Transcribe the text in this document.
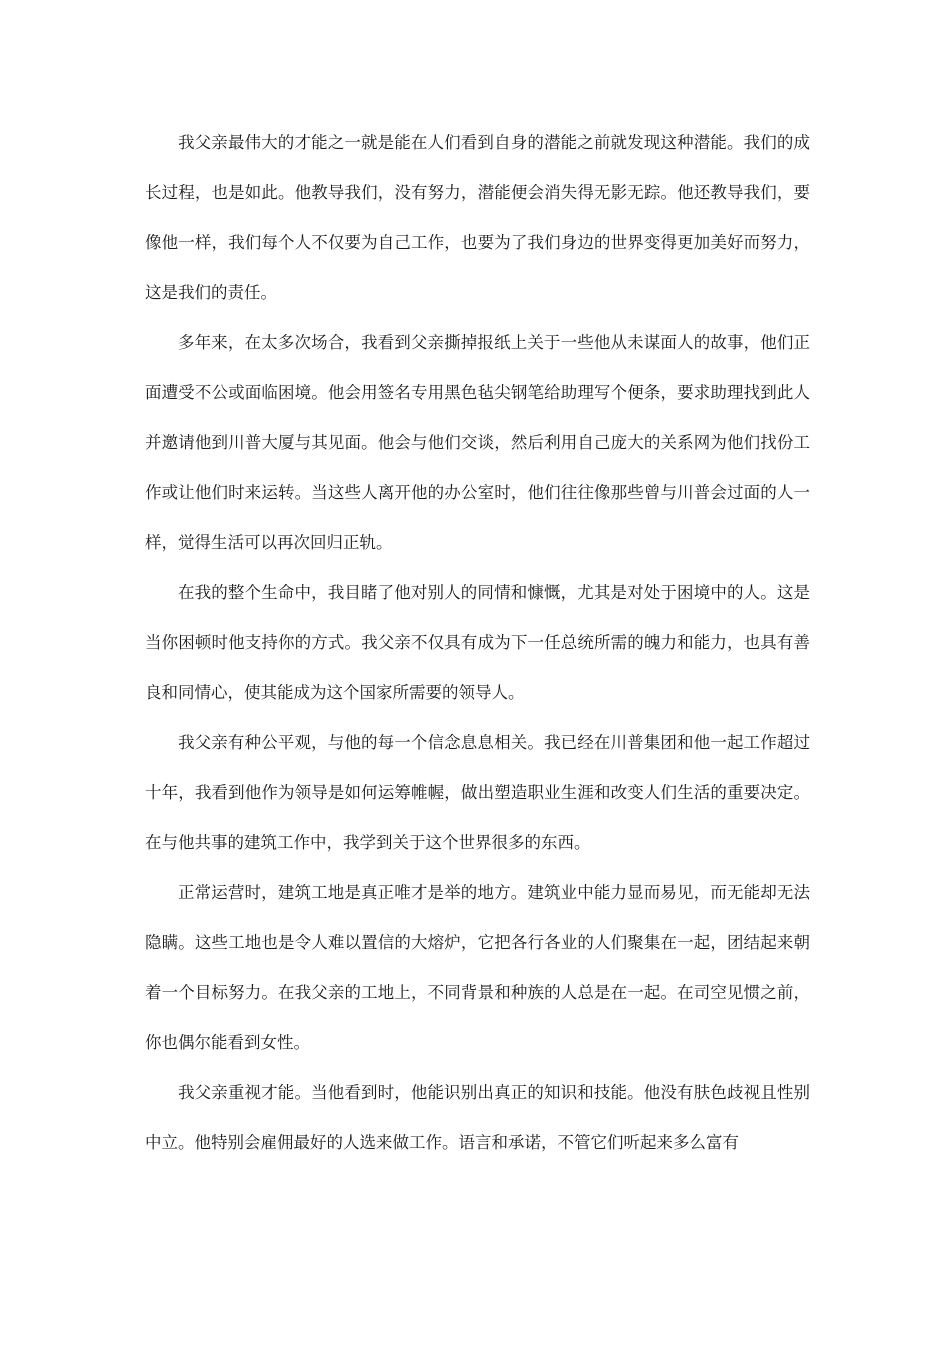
我父亲最伟大的才能之一就是能在人们看到自身的潜能之前就发现这种潜能。我们的成长过程，也是如此。他教导我们，没有努力，潜能便会消失得无影无踪。他还教导我们，要像他一样，我们每个人不仅要为自己工作，也要为了我们身边的世界变得更加美好而努力，这是我们的责任。

多年来，在太多次场合，我看到父亲撕掉报纸上关于一些他从未谋面人的故事，他们正面遭受不公或面临困境。他会用签名专用黑色毡尖钢笔给助理写个便条，要求助理找到此人并邀请他到川普大厦与其见面。他会与他们交谈，然后利用自己庞大的关系网为他们找份工作或让他们时来运转。当这些人离开他的办公室时，他们往往像那些曾与川普会过面的人一样，觉得生活可以再次回归正轨。

在我的整个生命中，我目睹了他对别人的同情和慷慨，尤其是对处于困境中的人。这是当你困顿时他支持你的方式。我父亲不仅具有成为下一任总统所需的魄力和能力，也具有善良和同情心，使其能成为这个国家所需要的领导人。

我父亲有种公平观，与他的每一个信念息息相关。我已经在川普集团和他一起工作超过十年，我看到他作为领导是如何运筹帷幄，做出塑造职业生涯和改变人们生活的重要决定。在与他共事的建筑工作中，我学到关于这个世界很多的东西。

正常运营时，建筑工地是真正唯才是举的地方。建筑业中能力显而易见，而无能却无法隐瞒。这些工地也是令人难以置信的大熔炉，它把各行各业的人们聚集在一起，团结起来朝着一个目标努力。在我父亲的工地上，不同背景和种族的人总是在一起。在司空见惯之前，你也偶尔能看到女性。

我父亲重视才能。当他看到时，他能识别出真正的知识和技能。他没有肤色歧视且性别中立。他特别会雇佣最好的人选来做工作。语言和承诺，不管它们听起来多么富有
